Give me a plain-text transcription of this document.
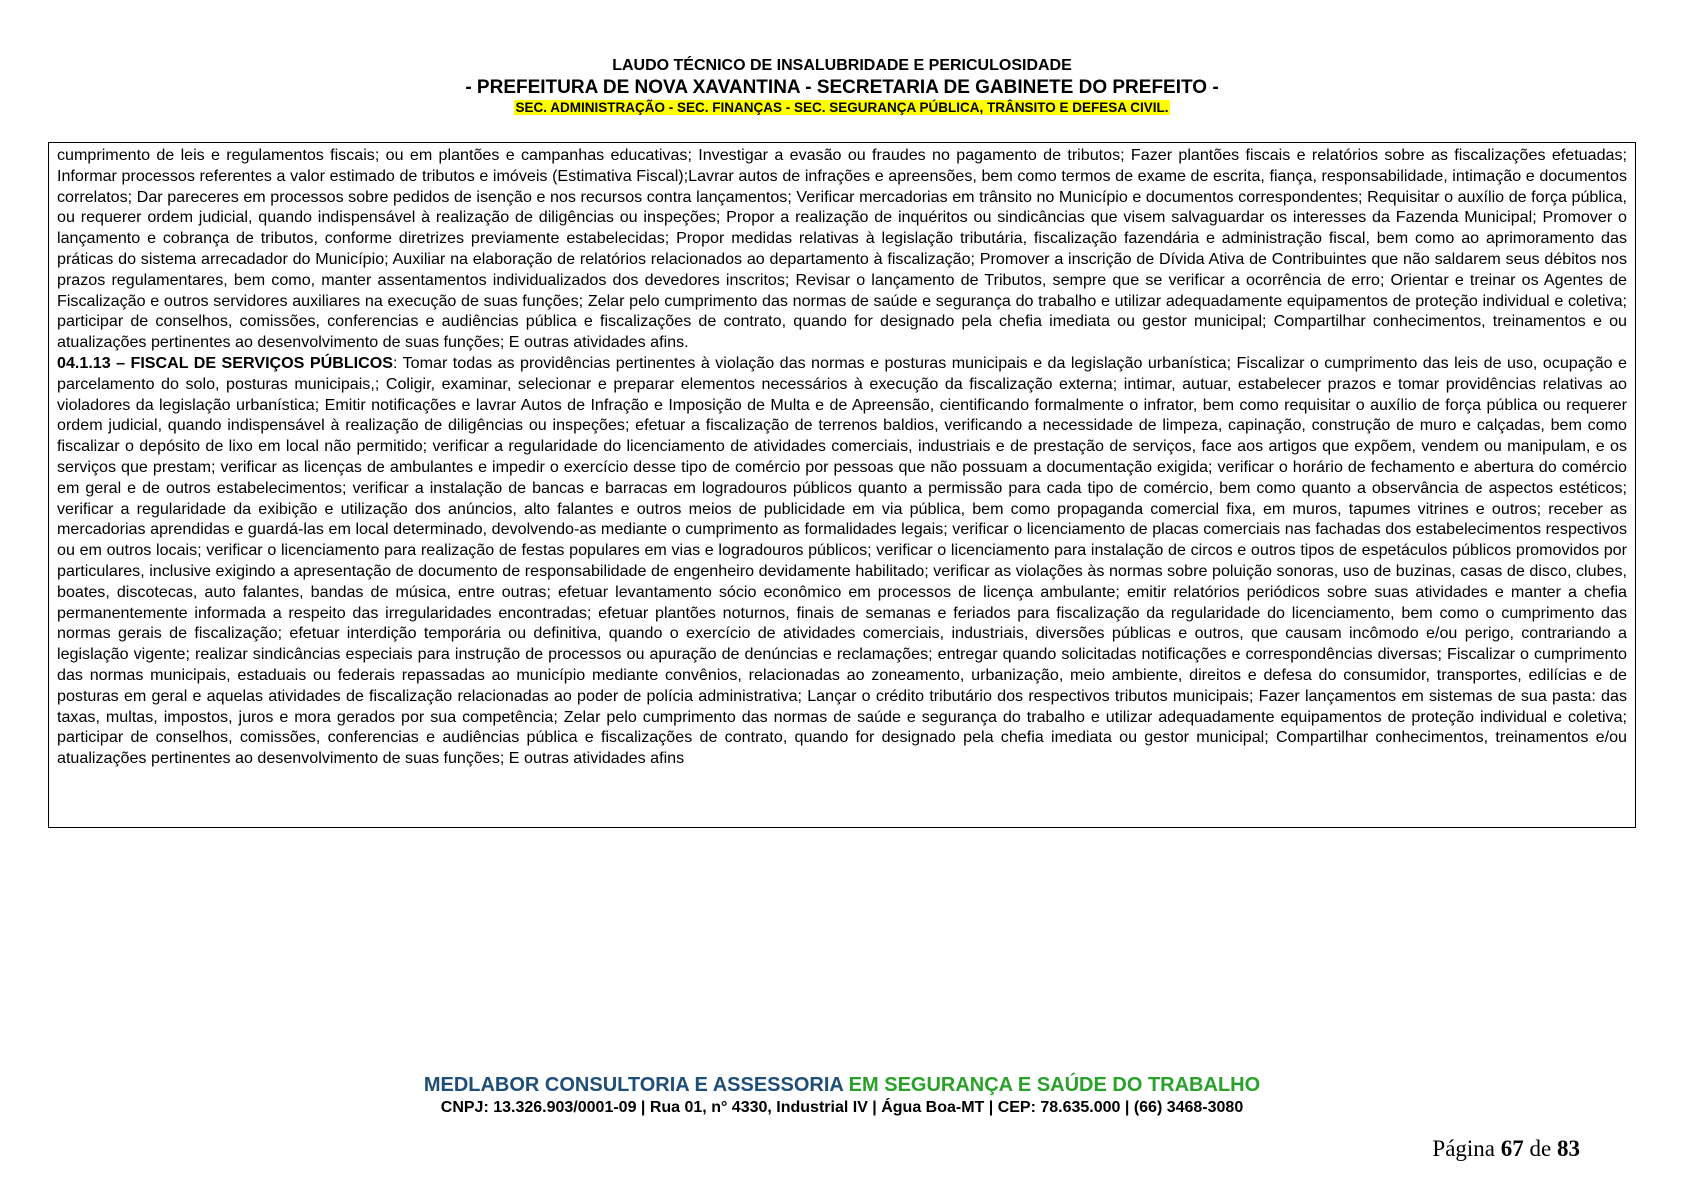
LAUDO TÉCNICO DE INSALUBRIDADE E PERICULOSIDADE
- PREFEITURA DE NOVA XAVANTINA - SECRETARIA DE GABINETE DO PREFEITO -
SEC. ADMINISTRAÇÃO - SEC. FINANÇAS - SEC. SEGURANÇA PÚBLICA, TRÂNSITO E DEFESA CIVIL.

cumprimento de leis e regulamentos fiscais; ou em plantões e campanhas educativas; Investigar a evasão ou fraudes no pagamento de tributos; Fazer plantões fiscais e relatórios sobre as fiscalizações efetuadas; Informar processos referentes a valor estimado de tributos e imóveis (Estimativa Fiscal);Lavrar autos de infrações e apreensões, bem como termos de exame de escrita, fiança, responsabilidade, intimação e documentos correlatos; Dar pareceres em processos sobre pedidos de isenção e nos recursos contra lançamentos; Verificar mercadorias em trânsito no Município e documentos correspondentes; Requisitar o auxílio de força pública, ou requerer ordem judicial, quando indispensável à realização de diligências ou inspeções; Propor a realização de inquéritos ou sindicâncias que visem salvaguardar os interesses da Fazenda Municipal; Promover o lançamento e cobrança de tributos, conforme diretrizes previamente estabelecidas; Propor medidas relativas à legislação tributária, fiscalização fazendária e administração fiscal, bem como ao aprimoramento das práticas do sistema arrecadador do Município; Auxiliar na elaboração de relatórios relacionados ao departamento à fiscalização; Promover a inscrição de Dívida Ativa de Contribuintes que não saldarem seus débitos nos prazos regulamentares, bem como, manter assentamentos individualizados dos devedores inscritos; Revisar o lançamento de Tributos, sempre que se verificar a ocorrência de erro; Orientar e treinar os Agentes de Fiscalização e outros servidores auxiliares na execução de suas funções; Zelar pelo cumprimento das normas de saúde e segurança do trabalho e utilizar adequadamente equipamentos de proteção individual e coletiva; participar de conselhos, comissões, conferencias e audiências pública e fiscalizações de contrato, quando for designado pela chefia imediata ou gestor municipal; Compartilhar conhecimentos, treinamentos e ou atualizações pertinentes ao desenvolvimento de suas funções; E outras atividades afins.

04.1.13 – FISCAL DE SERVIÇOS PÚBLICOS: Tomar todas as providências pertinentes à violação das normas e posturas municipais e da legislação urbanística; Fiscalizar o cumprimento das leis de uso, ocupação e parcelamento do solo, posturas municipais,; Coligir, examinar, selecionar e preparar elementos necessários à execução da fiscalização externa; intimar, autuar, estabelecer prazos e tomar providências relativas ao violadores da legislação urbanística; Emitir notificações e lavrar Autos de Infração e Imposição de Multa e de Apreensão, cientificando formalmente o infrator, bem como requisitar o auxílio de força pública ou requerer ordem judicial, quando indispensável à realização de diligências ou inspeções; efetuar a fiscalização de terrenos baldios, verificando a necessidade de limpeza, capinação, construção de muro e calçadas, bem como fiscalizar o depósito de lixo em local não permitido; verificar a regularidade do licenciamento de atividades comerciais, industriais e de prestação de serviços, face aos artigos que expõem, vendem ou manipulam, e os serviços que prestam; verificar as licenças de ambulantes e impedir o exercício desse tipo de comércio por pessoas que não possuam a documentação exigida; verificar o horário de fechamento e abertura do comércio em geral e de outros estabelecimentos; verificar a instalação de bancas e barracas em logradouros públicos quanto a permissão para cada tipo de comércio, bem como quanto a observância de aspectos estéticos; verificar a regularidade da exibição e utilização dos anúncios, alto falantes e outros meios de publicidade em via pública, bem como propaganda comercial fixa, em muros, tapumes vitrines e outros; receber as mercadorias aprendidas e guardá-las em local determinado, devolvendo-as mediante o cumprimento as formalidades legais; verificar o licenciamento de placas comerciais nas fachadas dos estabelecimentos respectivos ou em outros locais; verificar o licenciamento para realização de festas populares em vias e logradouros públicos; verificar o licenciamento para instalação de circos e outros tipos de espetáculos públicos promovidos por particulares, inclusive exigindo a apresentação de documento de responsabilidade de engenheiro devidamente habilitado; verificar as violações às normas sobre poluição sonoras, uso de buzinas, casas de disco, clubes, boates, discotecas, auto falantes, bandas de música, entre outras; efetuar levantamento sócio econômico em processos de licença ambulante; emitir relatórios periódicos sobre suas atividades e manter a chefia permanentemente informada a respeito das irregularidades encontradas; efetuar plantões noturnos, finais de semanas e feriados para fiscalização da regularidade do licenciamento, bem como o cumprimento das normas gerais de fiscalização; efetuar interdição temporária ou definitiva, quando o exercício de atividades comerciais, industriais, diversões públicas e outros, que causam incômodo e/ou perigo, contrariando a legislação vigente; realizar sindicâncias especiais para instrução de processos ou apuração de denúncias e reclamações; entregar quando solicitadas notificações e correspondências diversas; Fiscalizar o cumprimento das normas municipais, estaduais ou federais repassadas ao município mediante convênios, relacionadas ao zoneamento, urbanização, meio ambiente, direitos e defesa do consumidor, transportes, edilícias e de posturas em geral e aquelas atividades de fiscalização relacionadas ao poder de polícia administrativa; Lançar o crédito tributário dos respectivos tributos municipais; Fazer lançamentos em sistemas de sua pasta: das taxas, multas, impostos, juros e mora gerados por sua competência; Zelar pelo cumprimento das normas de saúde e segurança do trabalho e utilizar adequadamente equipamentos de proteção individual e coletiva; participar de conselhos, comissões, conferencias e audiências pública e fiscalizações de contrato, quando for designado pela chefia imediata ou gestor municipal; Compartilhar conhecimentos, treinamentos e/ou atualizações pertinentes ao desenvolvimento de suas funções; E outras atividades afins

MEDLABOR CONSULTORIA E ASSESSORIA EM SEGURANÇA E SAÚDE DO TRABALHO
CNPJ: 13.326.903/0001-09 | Rua 01, n° 4330, Industrial IV | Água Boa-MT | CEP: 78.635.000 | (66) 3468-3080
Página 67 de 83
